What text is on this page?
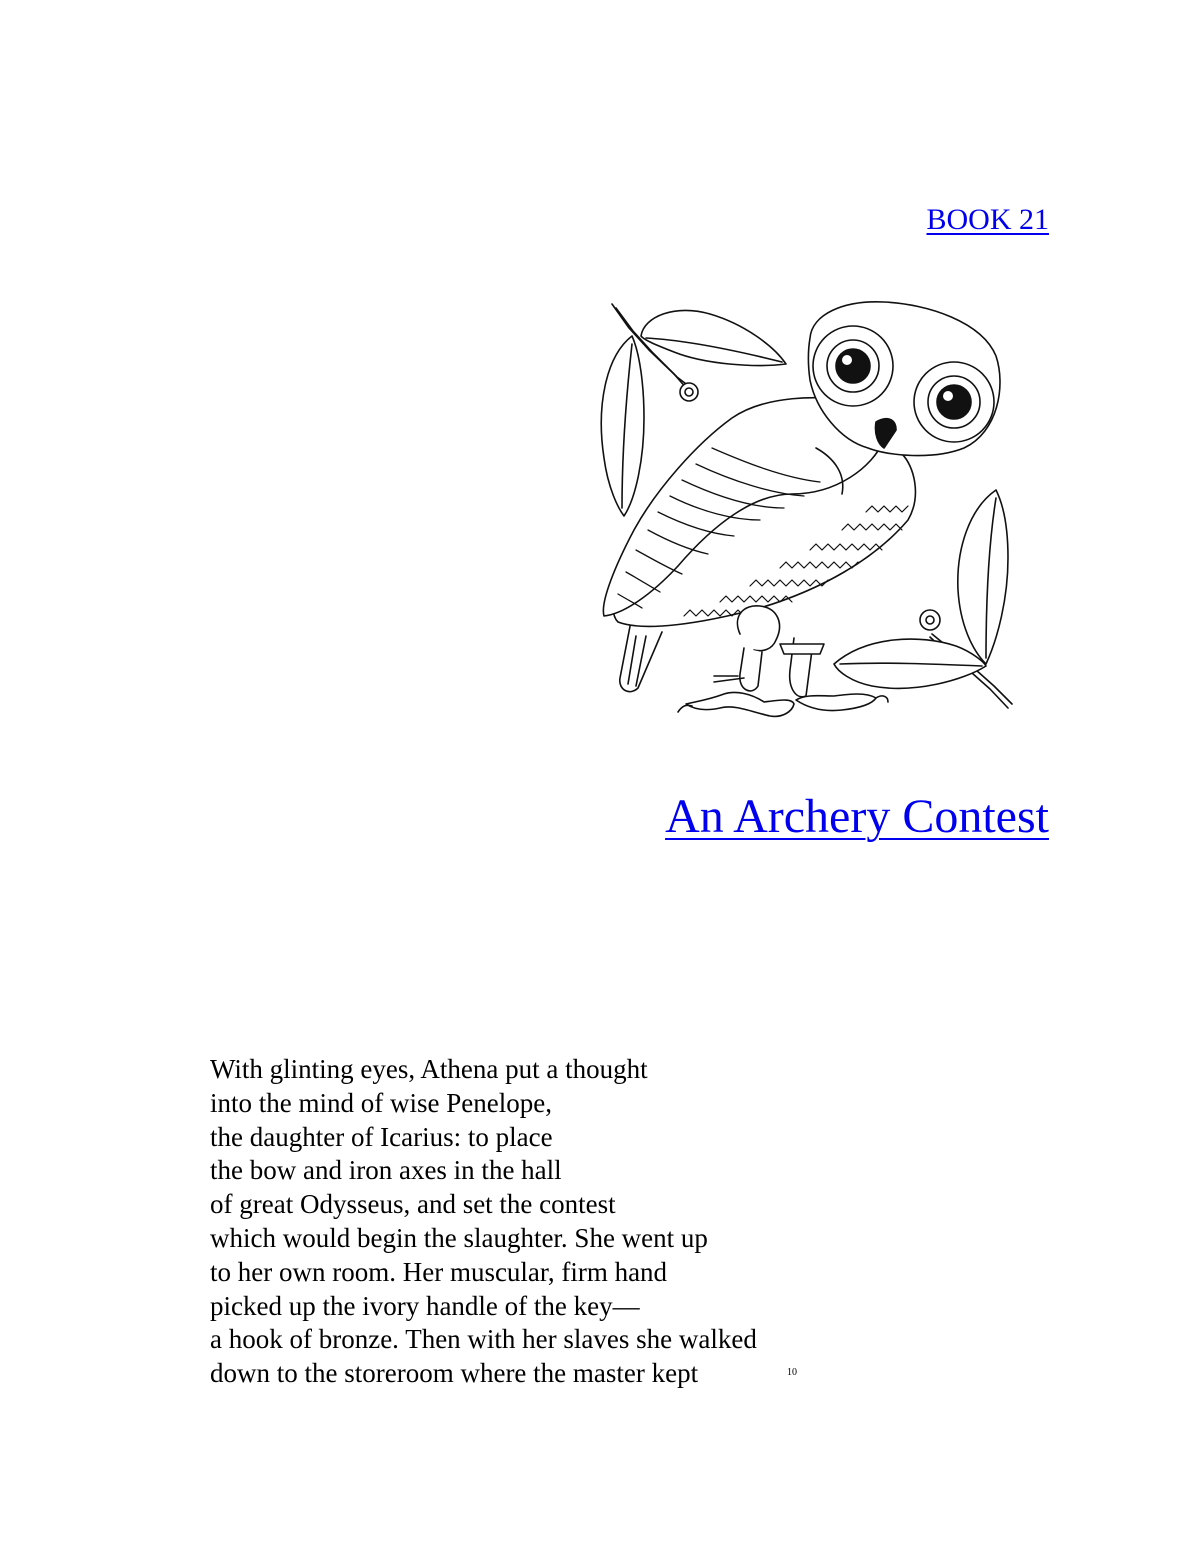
BOOK 21
An Archery Contest
With glinting eyes, Athena put a thought
into the mind of wise Penelope,
the daughter of Icarius: to place
the bow and iron axes in the hall
of great Odysseus, and set the contest
which would begin the slaughter. She went up
to her own room. Her muscular, firm hand
picked up the ivory handle of the key—
a hook of bronze. Then with her slaves she walked
down to the storeroom where the master kept	10
